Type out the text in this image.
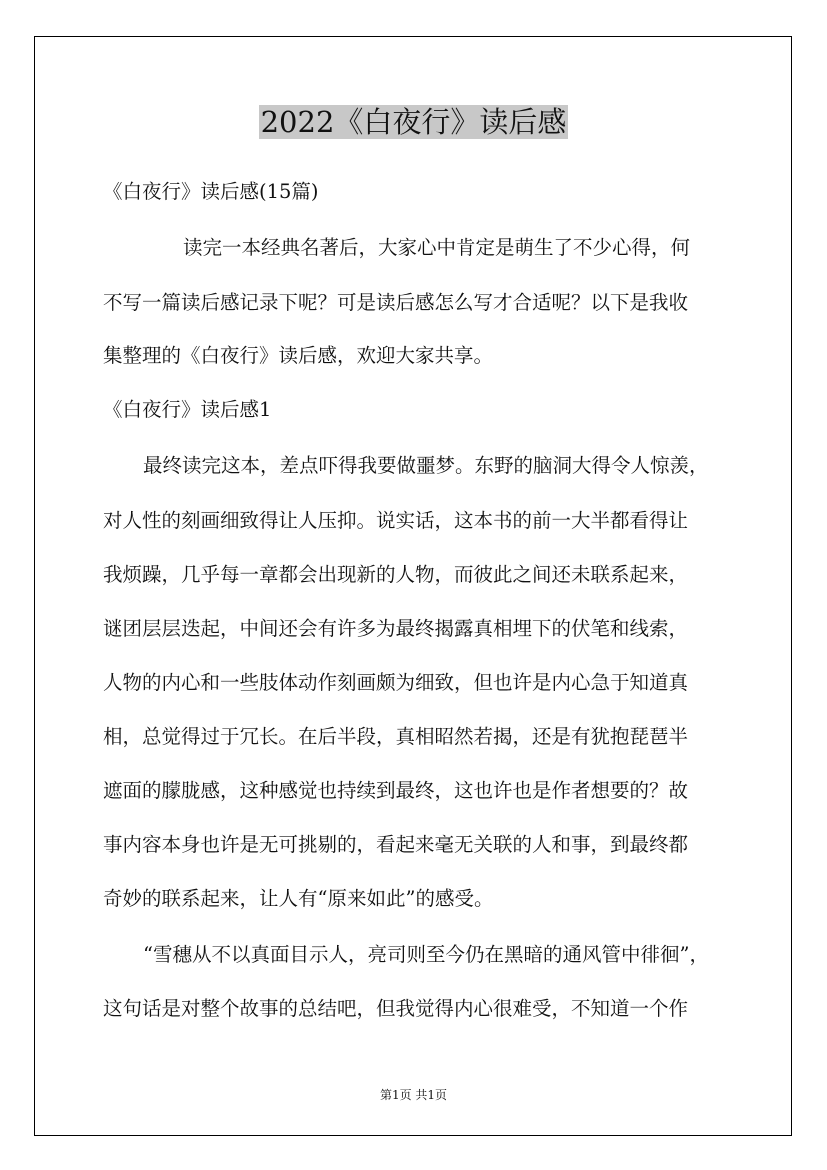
2022《白夜行》读后感
《白夜行》读后感(15篇)
读完一本经典名著后，大家心中肯定是萌生了不少心得，何
不写一篇读后感记录下呢？可是读后感怎么写才合适呢？以下是我收
集整理的《白夜行》读后感，欢迎大家共享。
《白夜行》读后感1
最终读完这本，差点吓得我要做噩梦。东野的脑洞大得令人惊羡，
对人性的刻画细致得让人压抑。说实话，这本书的前一大半都看得让
我烦躁，几乎每一章都会出现新的人物，而彼此之间还未联系起来，
谜团层层迭起，中间还会有许多为最终揭露真相埋下的伏笔和线索，
人物的内心和一些肢体动作刻画颇为细致，但也许是内心急于知道真
相，总觉得过于冗长。在后半段，真相昭然若揭，还是有犹抱琵琶半
遮面的朦胧感，这种感觉也持续到最终，这也许也是作者想要的？故
事内容本身也许是无可挑剔的，看起来毫无关联的人和事，到最终都
奇妙的联系起来，让人有“原来如此”的感受。
“雪穗从不以真面目示人，亮司则至今仍在黑暗的通风管中徘徊”，
这句话是对整个故事的总结吧，但我觉得内心很难受，不知道一个作
第1页 共1页
